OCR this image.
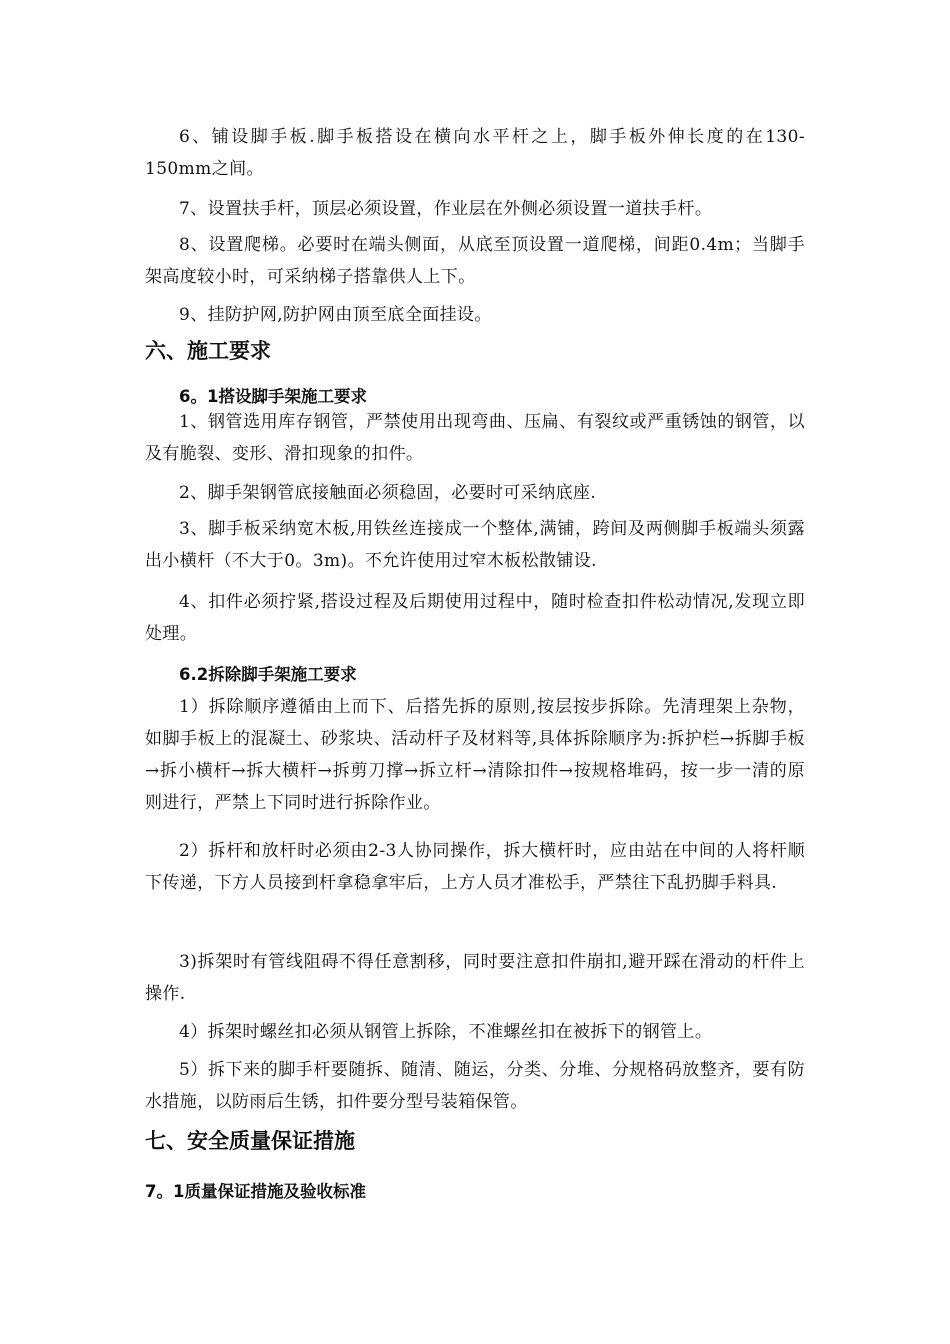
6、铺设脚手板.脚手板搭设在横向水平杆之上，脚手板外伸长度的在130-150mm之间。

7、设置扶手杆，顶层必须设置，作业层在外侧必须设置一道扶手杆。

8、设置爬梯。必要时在端头侧面，从底至顶设置一道爬梯，间距0.4m；当脚手架高度较小时，可采纳梯子搭靠供人上下。

9、挂防护网,防护网由顶至底全面挂设。

六、施工要求
6。1搭设脚手架施工要求

1、钢管选用库存钢管，严禁使用出现弯曲、压扁、有裂纹或严重锈蚀的钢管，以及有脆裂、变形、滑扣现象的扣件。

2、脚手架钢管底接触面必须稳固，必要时可采纳底座.

3、脚手板采纳宽木板,用铁丝连接成一个整体,满铺，跨间及两侧脚手板端头须露出小横杆（不大于0。3m)。不允许使用过窄木板松散铺设.

4、扣件必须拧紧,搭设过程及后期使用过程中，随时检查扣件松动情况,发现立即处理。

6.2拆除脚手架施工要求

1）拆除顺序遵循由上而下、后搭先拆的原则,按层按步拆除。先清理架上杂物，如脚手板上的混凝土、砂浆块、活动杆子及材料等,具体拆除顺序为:拆护栏→拆脚手板→拆小横杆→拆大横杆→拆剪刀撑→拆立杆→清除扣件→按规格堆码，按一步一清的原则进行，严禁上下同时进行拆除作业。

2）拆杆和放杆时必须由2-3人协同操作，拆大横杆时，应由站在中间的人将杆顺下传递，下方人员接到杆拿稳拿牢后，上方人员才准松手，严禁往下乱扔脚手料具.

3)拆架时有管线阻碍不得任意割移，同时要注意扣件崩扣,避开踩在滑动的杆件上操作.

4）拆架时螺丝扣必须从钢管上拆除，不准螺丝扣在被拆下的钢管上。

5）拆下来的脚手杆要随拆、随清、随运，分类、分堆、分规格码放整齐，要有防水措施，以防雨后生锈，扣件要分型号装箱保管。

七、安全质量保证措施
7。1质量保证措施及验收标准
